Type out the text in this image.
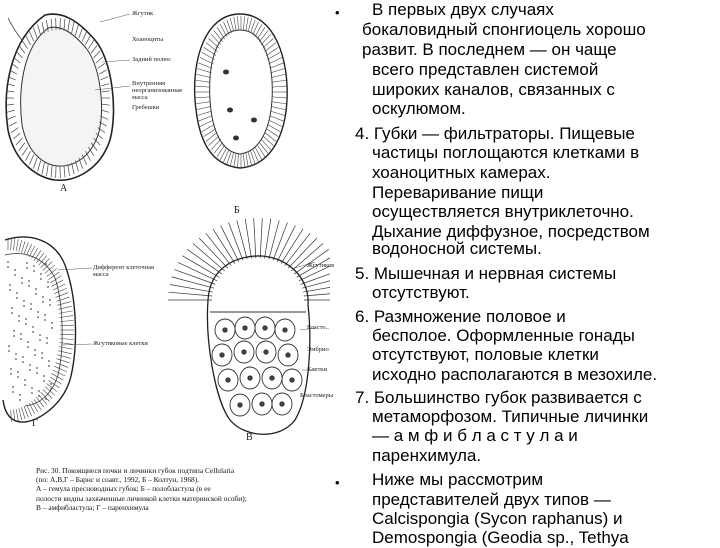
Жгутик
Хоаноциты
Задний полюс
Внутренняя
неорганизованная
масса
Гребешки
Дифферент клеточная
масса
Жгутиковые клетки
Жгутиков
Бласто..
Эмбрио
Клетки
Бластомеры
А
Б
Г
В
Рис. 30. Покоящиеся почки и личинки губок подтипа Cellularia
(по: А,В,Г – Барнс и соавт., 1992, Б – Колтун, 1968).
А – гемула пресноводных губок; Б – полобластула (в ее
полости видны захваченные личинкой клетки материнской особи);
В – амфибластула; Г – паренхимула
•
•
В первых двух случаях
бокаловидный спонгиоцель хорошо
развит. В последнем — он чаще
всего представлен системой
широких каналов, связанных с
оскулюмом.
4. Губки — фильтраторы. Пищевые
частицы поглощаются клетками в
хоаноцитных камерах.
Переваривание пищи
осуществляется внутриклеточно.
Дыхание диффузное, посредством
водоносной системы.
5. Мышечная и нервная системы
отсутствуют.
6. Размножение половое и
бесполое. Оформленные гонады
отсутствуют, половые клетки
исходно располагаются в мезохиле.
7. Большинство губок развивается с
метаморфозом. Типичные личинки
— а м ф и б л а с т у л а и
паренхимула.
Ниже мы рассмотрим
представителей двух типов —
Calcispongia (Sycon raphanus) и
Demospongia (Geodia sp., Tethya
